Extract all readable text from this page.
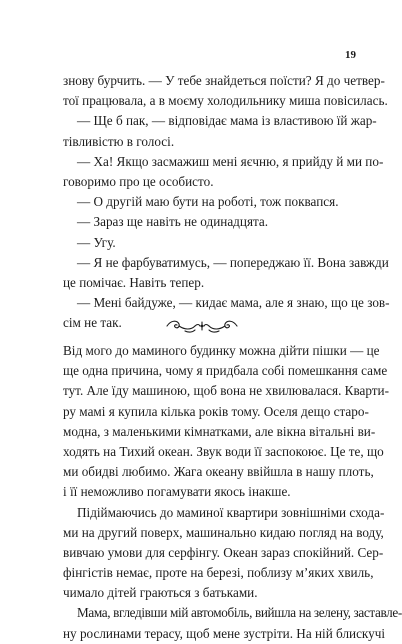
19
знову бурчить. — У тебе знайдеться поїсти? Я до четвер-
тої працювала, а в моєму холодильнику миша повісилась.
— Ще б пак, — відповідає мама із властивою їй жар-
тівливістю в голосі.
— Ха! Якщо засмажиш мені яєчню, я прийду й ми по-
говоримо про це особисто.
— О другій маю бути на роботі, тож поквапся.
— Зараз ще навіть не одинадцята.
— Угу.
— Я не фарбуватимусь, — попереджаю її. Вона завжди
це помічає. Навіть тепер.
— Мені байдуже, — кидає мама, але я знаю, що це зов-
сім не так.
Від мого до маминого будинку можна дійти пішки — це
ще одна причина, чому я придбала собі помешкання саме
тут. Але їду машиною, щоб вона не хвилювалася. Кварти-
ру мамі я купила кілька років тому. Оселя дещо старо-
модна, з маленькими кімнатками, але вікна вітальні ви-
ходять на Тихий океан. Звук води її заспокоює. Це те, що
ми обидві любимо. Жага океану ввійшла в нашу плоть,
і її неможливо погамувати якось інакше.
Підіймаючись до маминої квартири зовнішніми схода-
ми на другий поверх, машинально кидаю погляд на воду,
вивчаю умови для серфінгу. Океан зараз спокійний. Сер-
фінгістів немає, проте на березі, поблизу м’яких хвиль,
чимало дітей граються з батьками.
Мама, вгледівши мій автомобіль, вийшла на зелену, заставле-
ну рослинами терасу, щоб мене зустріти. На ній блискучі
